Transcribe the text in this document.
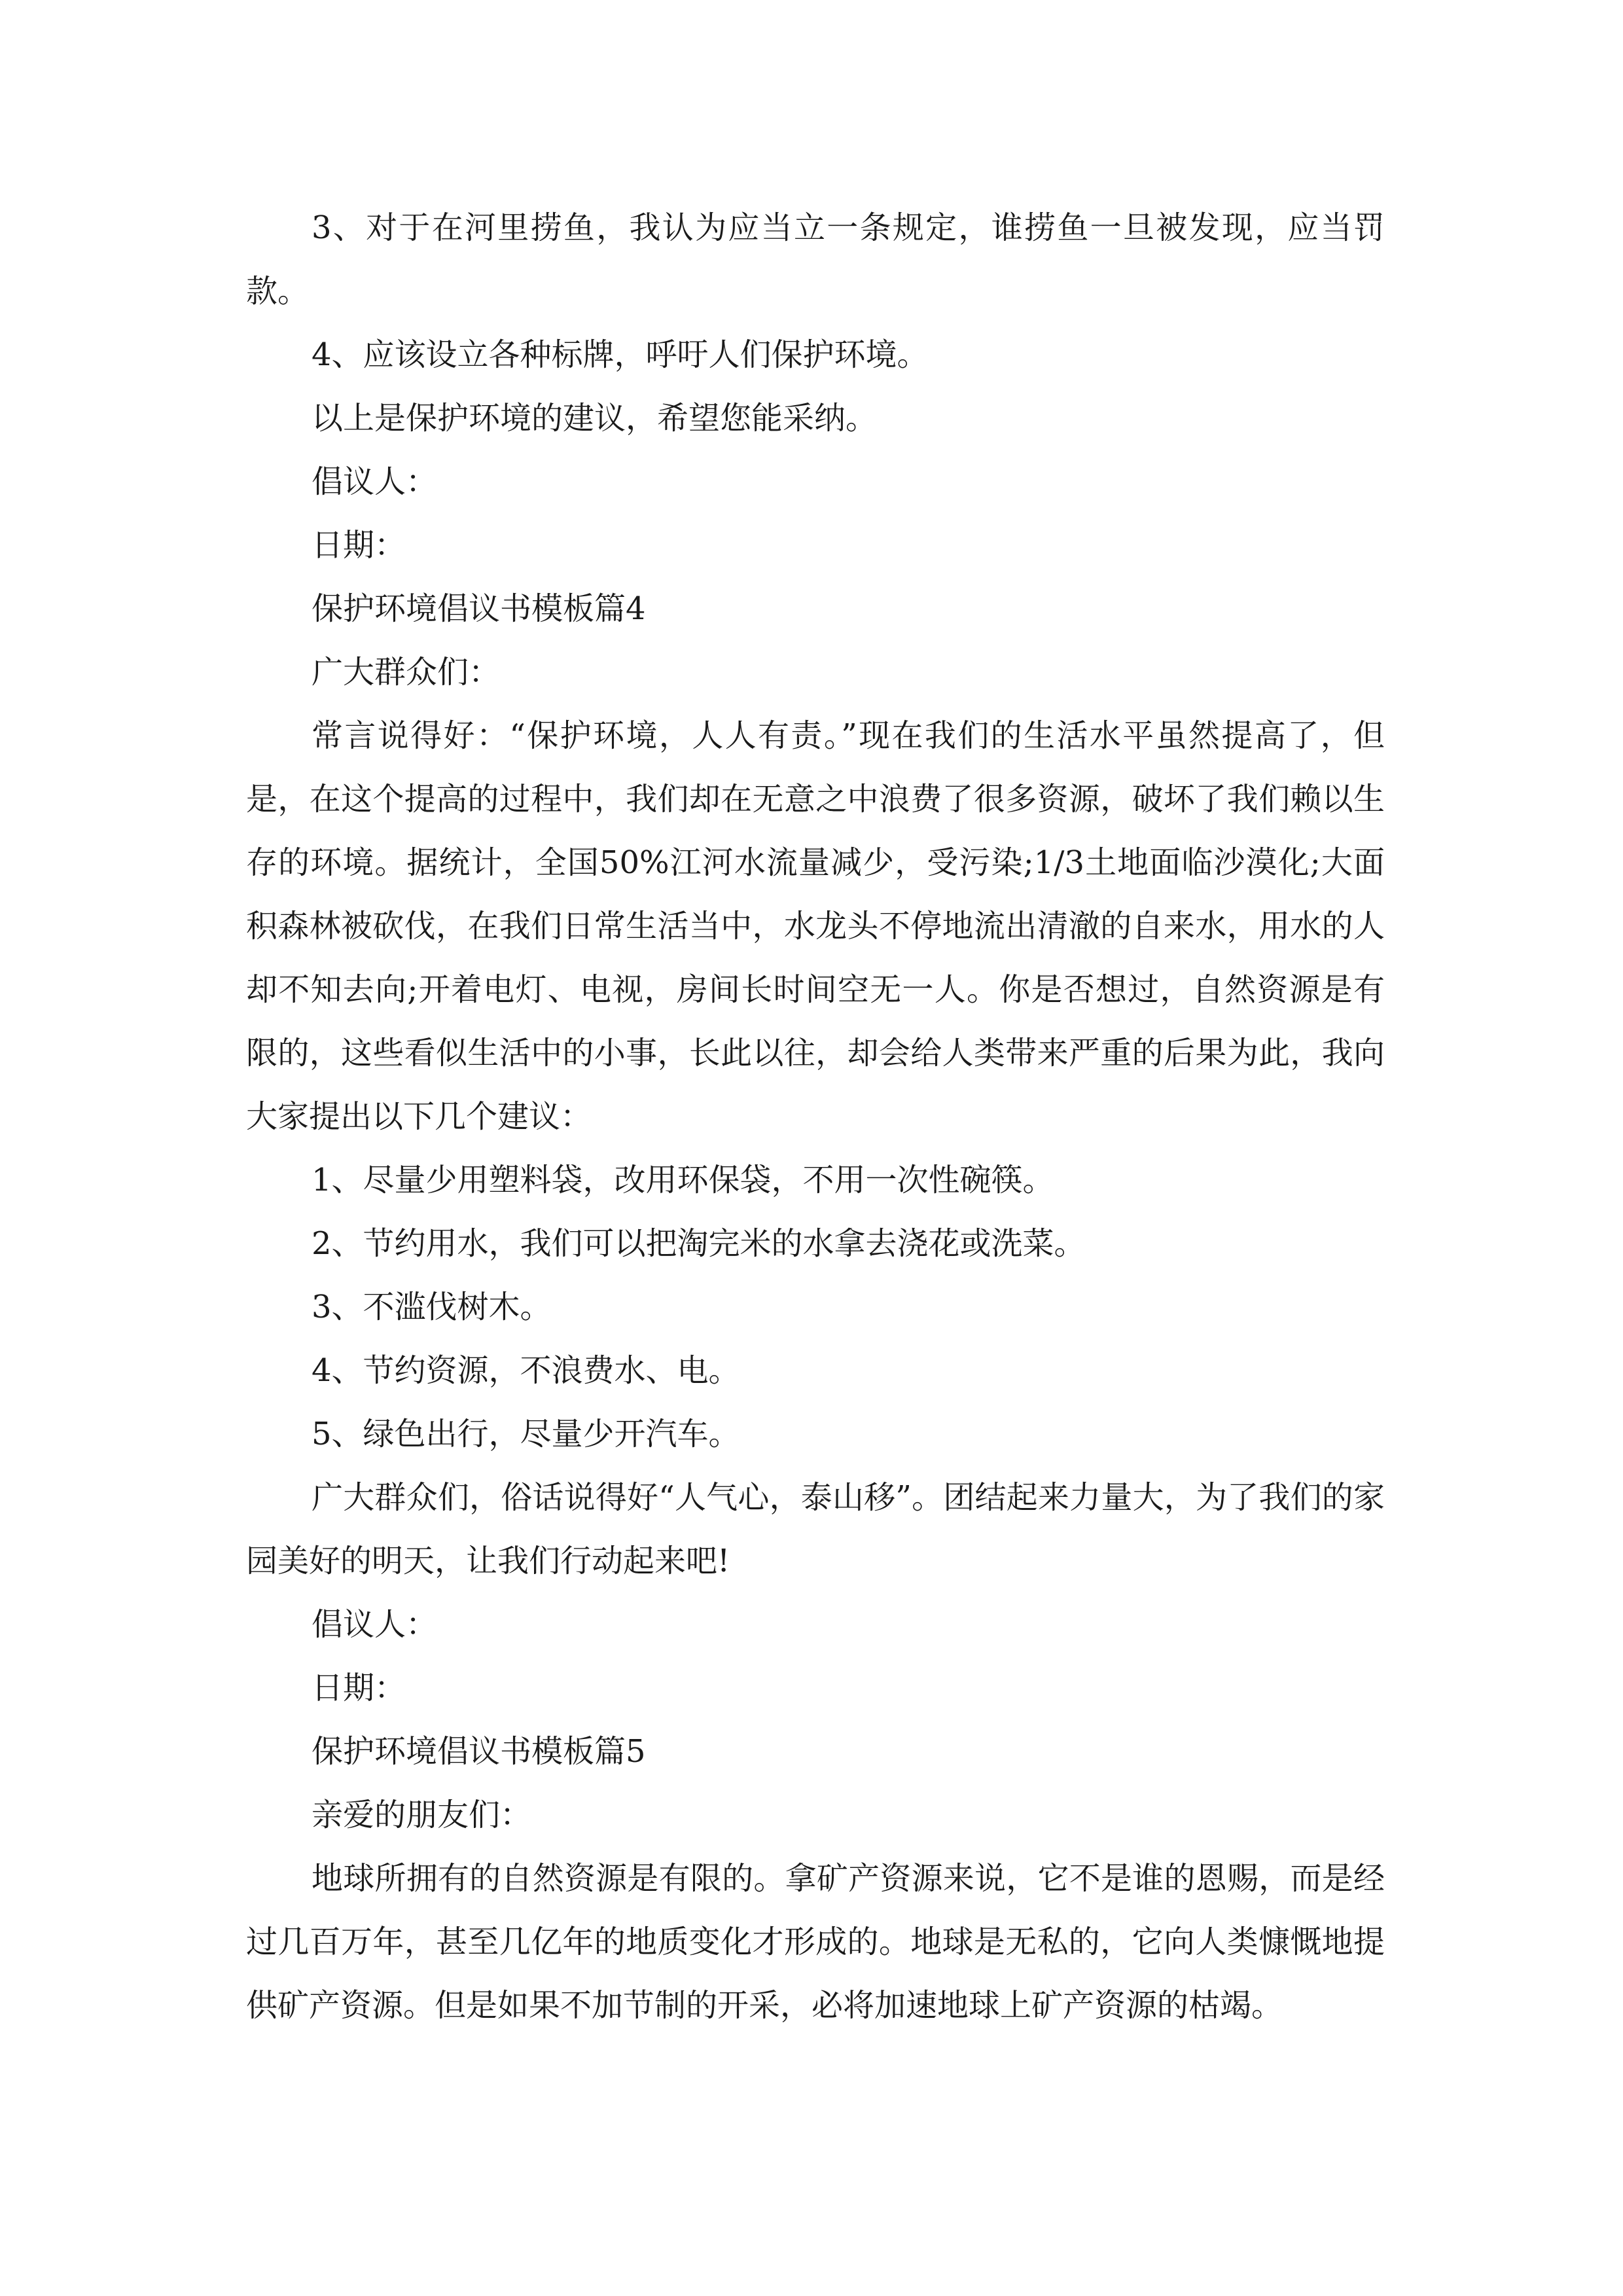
3、对于在河里捞鱼，我认为应当立一条规定，谁捞鱼一旦被发现，应当罚款。

4、应该设立各种标牌，呼吁人们保护环境。

以上是保护环境的建议，希望您能采纳。

倡议人：

日期：

保护环境倡议书模板篇4

广大群众们：

常言说得好：“保护环境，人人有责。”现在我们的生活水平虽然提高了，但是，在这个提高的过程中，我们却在无意之中浪费了很多资源，破坏了我们赖以生存的环境。据统计，全国50%江河水流量减少，受污染;1/3土地面临沙漠化;大面积森林被砍伐，在我们日常生活当中，水龙头不停地流出清澈的自来水，用水的人却不知去向;开着电灯、电视，房间长时间空无一人。你是否想过，自然资源是有限的，这些看似生活中的小事，长此以往，却会给人类带来严重的后果为此，我向大家提出以下几个建议：

1、尽量少用塑料袋，改用环保袋，不用一次性碗筷。

2、节约用水，我们可以把淘完米的水拿去浇花或洗菜。

3、不滥伐树木。

4、节约资源，不浪费水、电。

5、绿色出行，尽量少开汽车。

广大群众们，俗话说得好“人气心，泰山移”。团结起来力量大，为了我们的家园美好的明天，让我们行动起来吧!

倡议人：

日期：

保护环境倡议书模板篇5

亲爱的朋友们：

地球所拥有的自然资源是有限的。拿矿产资源来说，它不是谁的恩赐，而是经过几百万年，甚至几亿年的地质变化才形成的。地球是无私的，它向人类慷慨地提供矿产资源。但是如果不加节制的开采，必将加速地球上矿产资源的枯竭。
